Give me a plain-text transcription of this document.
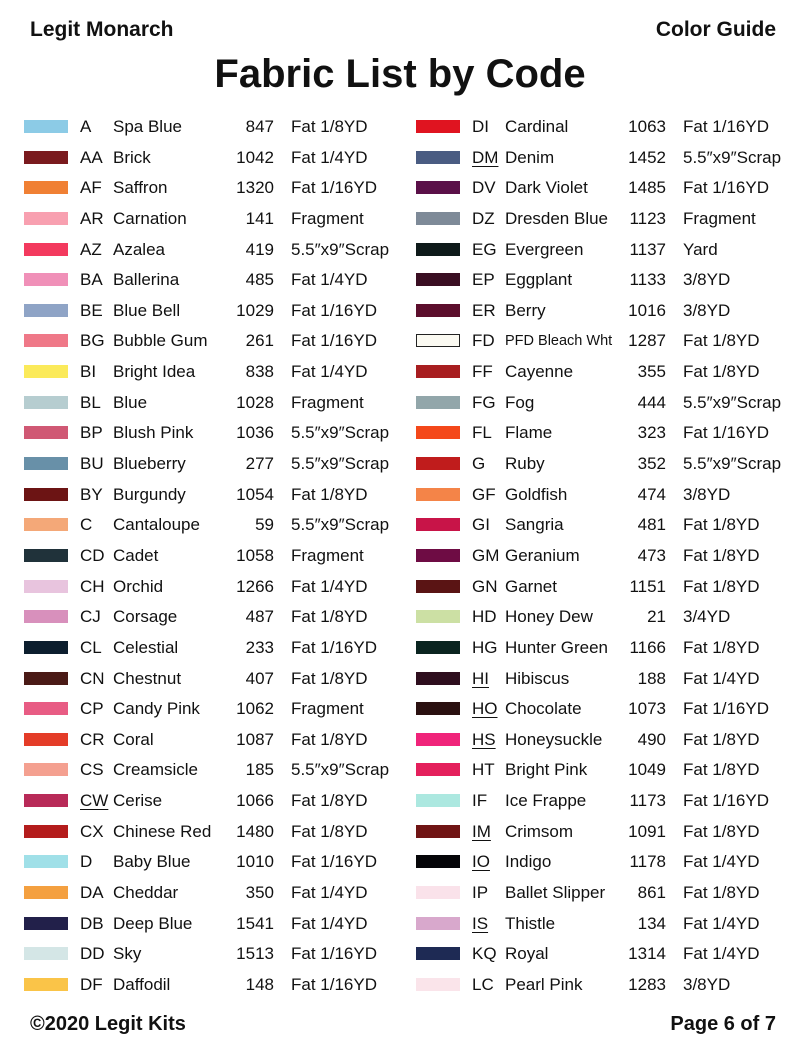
Legit Monarch	Color Guide
Fabric List by Code
A Spa Blue	847 Fat 1/8YD
AA Brick	1042 Fat 1/4YD
AF Saffron	1320 Fat 1/16YD
AR Carnation	141 Fragment
AZ Azalea	419 5.5″x9″Scrap
BA Ballerina	485 Fat 1/4YD
BE Blue Bell	1029 Fat 1/16YD
BG Bubble Gum	261 Fat 1/16YD
BI Bright Idea	838 Fat 1/4YD
BL Blue	1028 Fragment
BP Blush Pink	1036 5.5″x9″Scrap
BU Blueberry	277 5.5″x9″Scrap
BY Burgundy	1054 Fat 1/8YD
C Cantaloupe	59 5.5″x9″Scrap
CD Cadet	1058 Fragment
CH Orchid	1266 Fat 1/4YD
CJ Corsage	487 Fat 1/8YD
CL Celestial	233 Fat 1/16YD
CN Chestnut	407 Fat 1/8YD
CP Candy Pink	1062 Fragment
CR Coral	1087 Fat 1/8YD
CS Creamsicle	185 5.5″x9″Scrap
CW Cerise	1066 Fat 1/8YD
CX Chinese Red	1480 Fat 1/8YD
D Baby Blue	1010 Fat 1/16YD
DA Cheddar	350 Fat 1/4YD
DB Deep Blue	1541 Fat 1/4YD
DD Sky	1513 Fat 1/16YD
DF Daffodil	148 Fat 1/16YD
DI Cardinal	1063 Fat 1/16YD
DM Denim	1452 5.5″x9″Scrap
DV Dark Violet	1485 Fat 1/16YD
DZ Dresden Blue	1123 Fragment
EG Evergreen	1137 Yard
EP Eggplant	1133 3/8YD
ER Berry	1016 3/8YD
FD PFD Bleach Wht 1287 Fat 1/8YD
FF Cayenne	355 Fat 1/8YD
FG Fog	444 5.5″x9″Scrap
FL Flame	323 Fat 1/16YD
G Ruby	352 5.5″x9″Scrap
GF Goldfish	474 3/8YD
GI Sangria	481 Fat 1/8YD
GM Geranium	473 Fat 1/8YD
GN Garnet	1151 Fat 1/8YD
HD Honey Dew	21 3/4YD
HG Hunter Green	1166 Fat 1/8YD
HI Hibiscus	188 Fat 1/4YD
HO Chocolate	1073 Fat 1/16YD
HS Honeysuckle	490 Fat 1/8YD
HT Bright Pink	1049 Fat 1/8YD
IF Ice Frappe	1173 Fat 1/16YD
IM Crimsom	1091 Fat 1/8YD
IO Indigo	1178 Fat 1/4YD
IP Ballet Slipper	861 Fat 1/8YD
IS Thistle	134 Fat 1/4YD
KQ Royal	1314 Fat 1/4YD
LC Pearl Pink	1283 3/8YD
©2020 Legit Kits	Page 6 of 7
